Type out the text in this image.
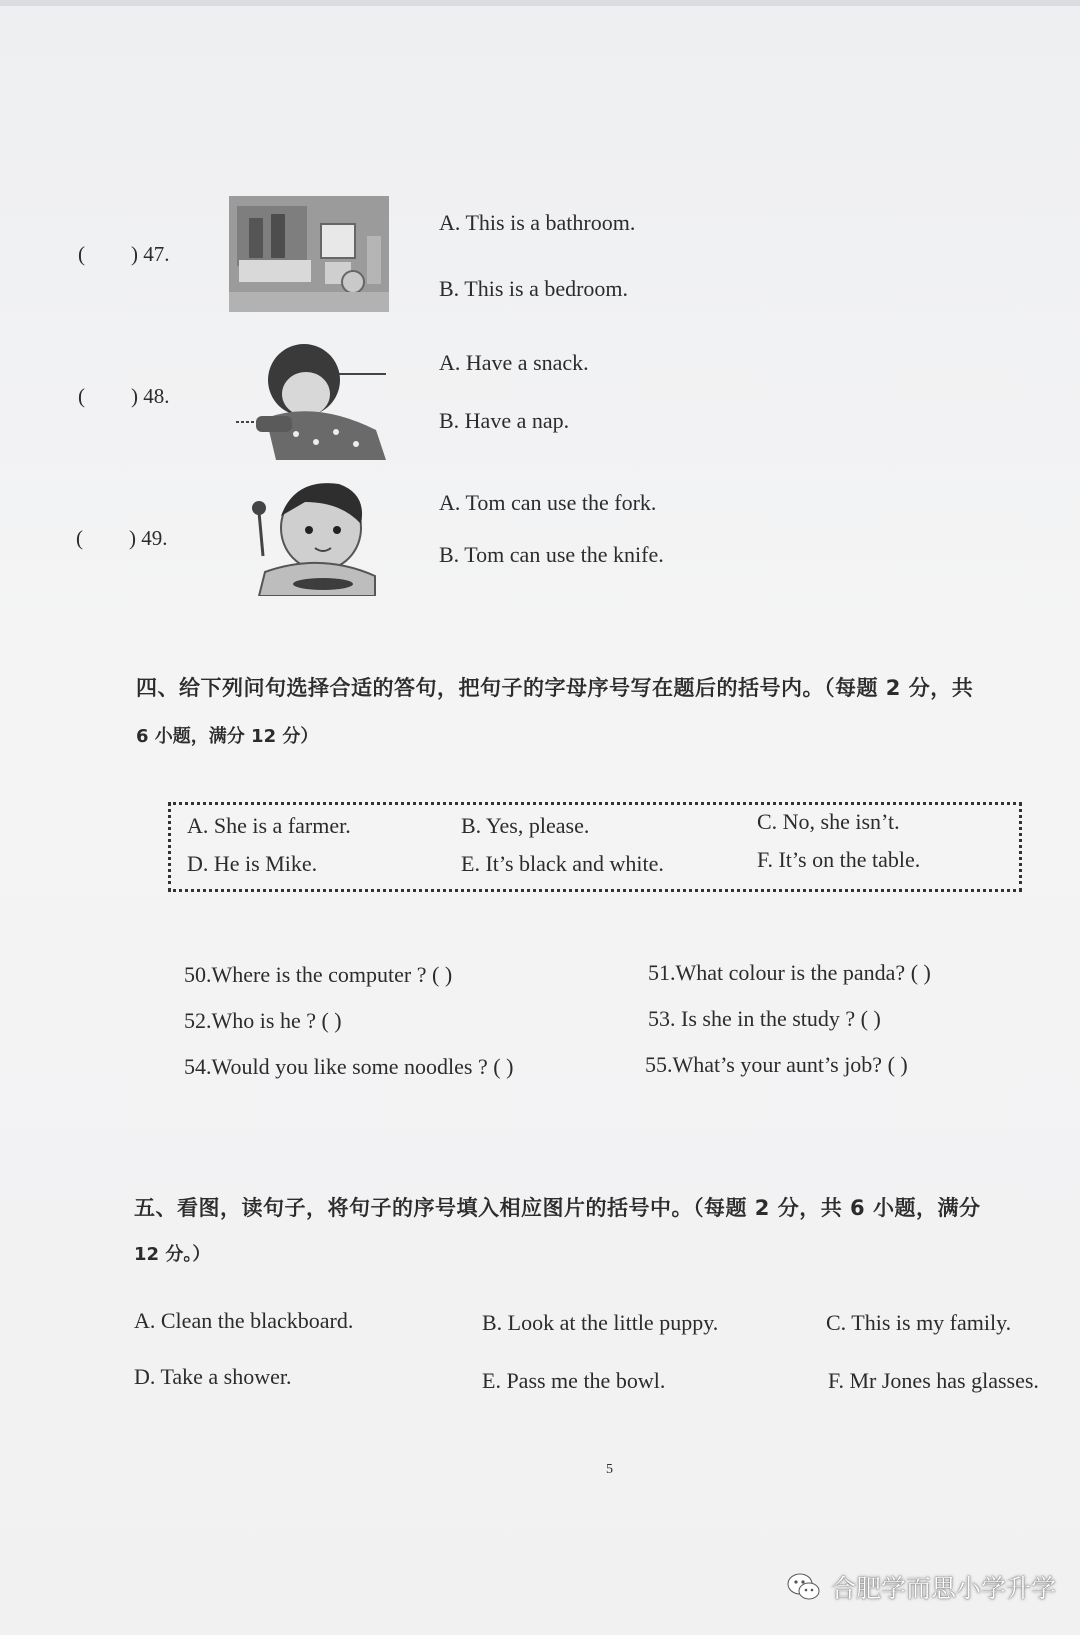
( ) 47.
A. This is a bathroom.
B. This is a bedroom.
( ) 48.
A. Have a snack.
B. Have a nap.
( ) 49.
A. Tom can use the fork.
B. Tom can use the knife.
四、给下列问句选择合适的答句，把句子的字母序号写在题后的括号内。（每题 2 分，共
6 小题，满分 12 分）
A. She is a farmer.	B. Yes, please.	C. No, she isn’t.
D. He is Mike.	E. It’s black and white.	F. It’s on the table.
50.Where is the computer ? ( )	51.What colour is the panda? ( )
52.Who is he ? ( )	53. Is she in the study ? ( )
54.Would you like some noodles ? ( )	55.What’s your aunt’s job? ( )
五、看图，读句子，将句子的序号填入相应图片的括号中。（每题 2 分，共 6 小题，满分
12 分。）
A. Clean the blackboard.	B. Look at the little puppy.	C. This is my family.
D. Take a shower.	E. Pass me the bowl.	F. Mr Jones has glasses.
5
合肥学而思小学升学
